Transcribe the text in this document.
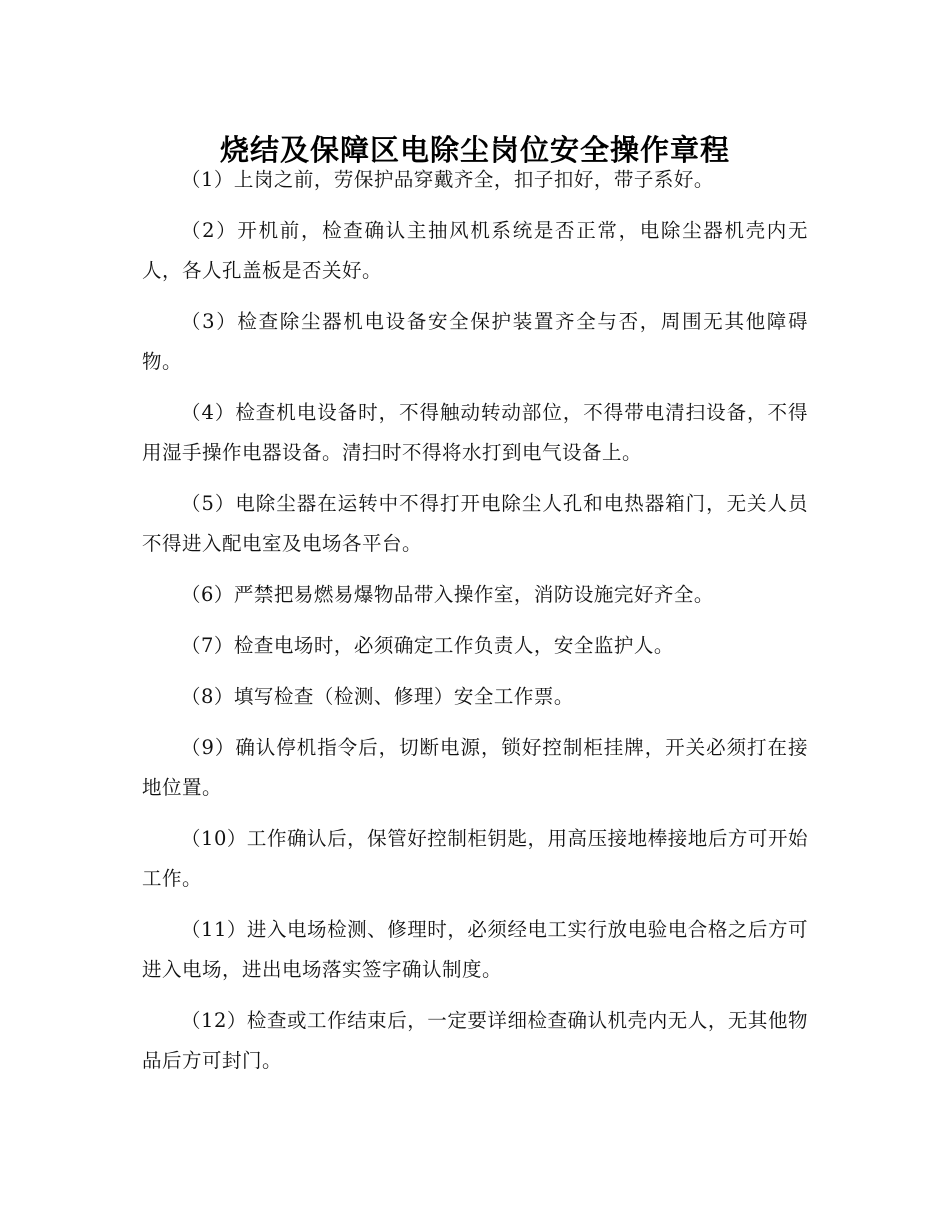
烧结及保障区电除尘岗位安全操作章程

（1）上岗之前，劳保护品穿戴齐全，扣子扣好，带子系好。

（2）开机前，检查确认主抽风机系统是否正常，电除尘器机壳内无人，各人孔盖板是否关好。

（3）检查除尘器机电设备安全保护装置齐全与否，周围无其他障碍物。

（4）检查机电设备时，不得触动转动部位，不得带电清扫设备，不得用湿手操作电器设备。清扫时不得将水打到电气设备上。

（5）电除尘器在运转中不得打开电除尘人孔和电热器箱门，无关人员不得进入配电室及电场各平台。

（6）严禁把易燃易爆物品带入操作室，消防设施完好齐全。

（7）检查电场时，必须确定工作负责人，安全监护人。

（8）填写检查（检测、修理）安全工作票。

（9）确认停机指令后，切断电源，锁好控制柜挂牌，开关必须打在接地位置。

（10）工作确认后，保管好控制柜钥匙，用高压接地棒接地后方可开始工作。

（11）进入电场检测、修理时，必须经电工实行放电验电合格之后方可进入电场，进出电场落实签字确认制度。

（12）检查或工作结束后，一定要详细检查确认机壳内无人，无其他物品后方可封门。
